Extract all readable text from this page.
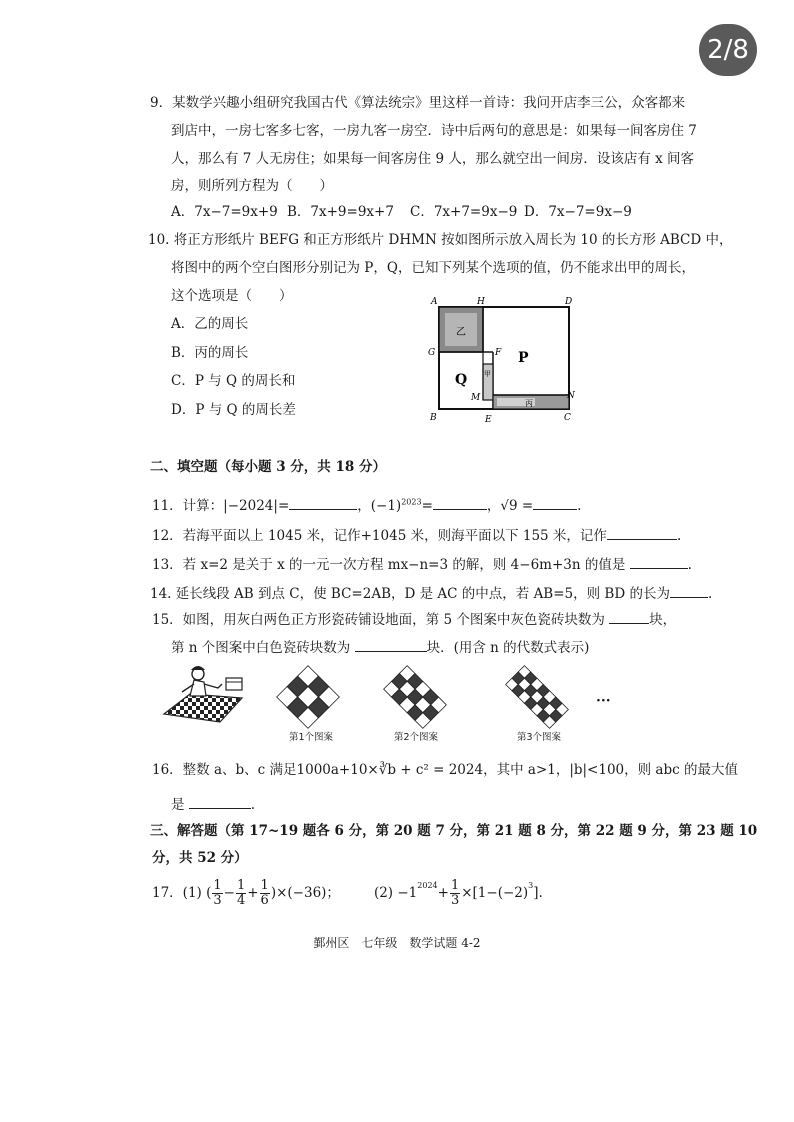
2/8
9．某数学兴趣小组研究我国古代《算法统宗》里这样一首诗：我问开店李三公，众客都来
到店中，一房七客多七客，一房九客一房空．诗中后两句的意思是：如果每一间客房住 7
人，那么有 7 人无房住；如果每一间客房住 9 人，那么就空出一间房．设该店有 x 间客
房，则所列方程为（　　）
A．7x−7=9x+9 B．7x+9=9x+7 C．7x+7=9x−9 D．7x−7=9x−9
10. 将正方形纸片 BEFG 和正方形纸片 DHMN 按如图所示放入周长为 10 的长方形 ABCD 中，
将图中的两个空白图形分别记为 P，Q，已知下列某个选项的值，仍不能求出甲的周长，
这个选项是（　　）
A．乙的周长
B．丙的周长
C．P 与 Q 的周长和
D．P 与 Q 的周长差
A	H	D
G	F
M	N
B	E	C
P
Q
乙
甲
丙
二、填空题（每小题 3 分，共 18 分）
11．计算：|−2024|=	，$(-1)^{2023}=$	，√9 =	.
12．若海平面以上 1045 米，记作+1045 米，则海平面以下 155 米，记作	.
13．若 x=2 是关于 x 的一元一次方程 mx−n=3 的解，则 4−6m+3n 的值是	.
14. 延长线段 AB 到点 C，使 BC=2AB，D 是 AC 的中点，若 AB=5，则 BD 的长为	.
15．如图，用灰白两色正方形瓷砖铺设地面，第 5 个图案中灰色瓷砖块数为	块，
第 n 个图案中白色瓷砖块数为	块．(用含 n 的代数式表示)
第1个图案	第2个图案	第3个图案
···
16．整数 a、b、c 满足1000a+10×∛b + c² = 2024，其中 a>1，|b|<100，则 abc 的最大值
是	.
三、解答题（第 17~19 题各 6 分，第 20 题 7 分，第 21 题 8 分，第 22 题 9 分，第 23 题 10
分，共 52 分）
17．(1) ( $\frac{1}{3} - \frac{1}{4} + \frac{1}{6} )\times(-36)$；	$(2) -1^{2024} + \frac{1}{3} \times[1-(-2)^3$ ].
鄞州区　七年级　数学试题 4-2
